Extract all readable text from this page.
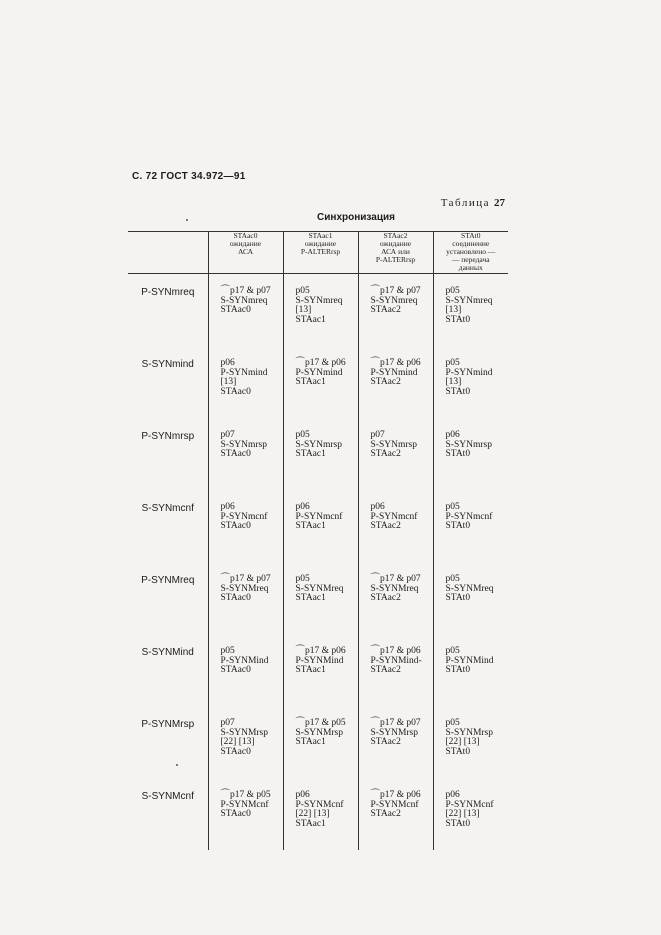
С. 72 ГОСТ 34.972—91
Таблица 27
Синхронизация

	STAac0
ожидание
АСА	STAac1
ожидание
P-ALTERrsp	STAac2
ожидание
АСА или
P-ALTERrsp	STAt0
соединение
установлено —
— передача
данных

P-SYNmreq	⌒p17 & p07
S-SYNmreq
STAac0	p05
S-SYNmreq
[13]
STAac1	⌒p17 & p07
S-SYNmreq
STAac2	p05
S-SYNmreq
[13]
STAt0

S-SYNmind	p06
P-SYNmind
[13]
STAac0	⌒p17 & p06
P-SYNmind
STAac1	⌒p17 & p06
P-SYNmind
STAac2	p05
P-SYNmind
[13]
STAt0

P-SYNmrsp	p07
S-SYNmrsp
STAac0	p05
S-SYNmrsp
STAac1	p07
S-SYNmrsp
STAac2	p06
S-SYNmrsp
STAt0

S-SYNmcnf	p06
P-SYNmcnf
STAac0	p06
P-SYNmcnf
STAac1	p06
P-SYNmcnf
STAac2	p05
P-SYNmcnf
STAt0

P-SYNMreq	⌒p17 & p07
S-SYNMreq
STAac0	p05
S-SYNMreq
STAac1	⌒p17 & p07
S-SYNMreq
STAac2	p05
S-SYNMreq
STAt0

S-SYNMind	p05
P-SYNMind
STAac0	⌒p17 & p06
P-SYNMind
STAac1	⌒p17 & p06
P-SYNMind-
STAac2	p05
P-SYNMind
STAt0

P-SYNMrsp	p07
S-SYNMrsp
[22] [13]
STAac0	⌒p17 & p05
S-SYNMrsp
STAac1	⌒p17 & p07
S-SYNMrsp
STAac2	p05
S-SYNMrsp
[22] [13]
STAt0

S-SYNMcnf	⌒p17 & p05
P-SYNMcnf
STAac0	p06
P-SYNMcnf
[22] [13]
STAac1	⌒p17 & p06
P-SYNMcnf
STAac2	p06
P-SYNMcnf
[22] [13]
STAt0
